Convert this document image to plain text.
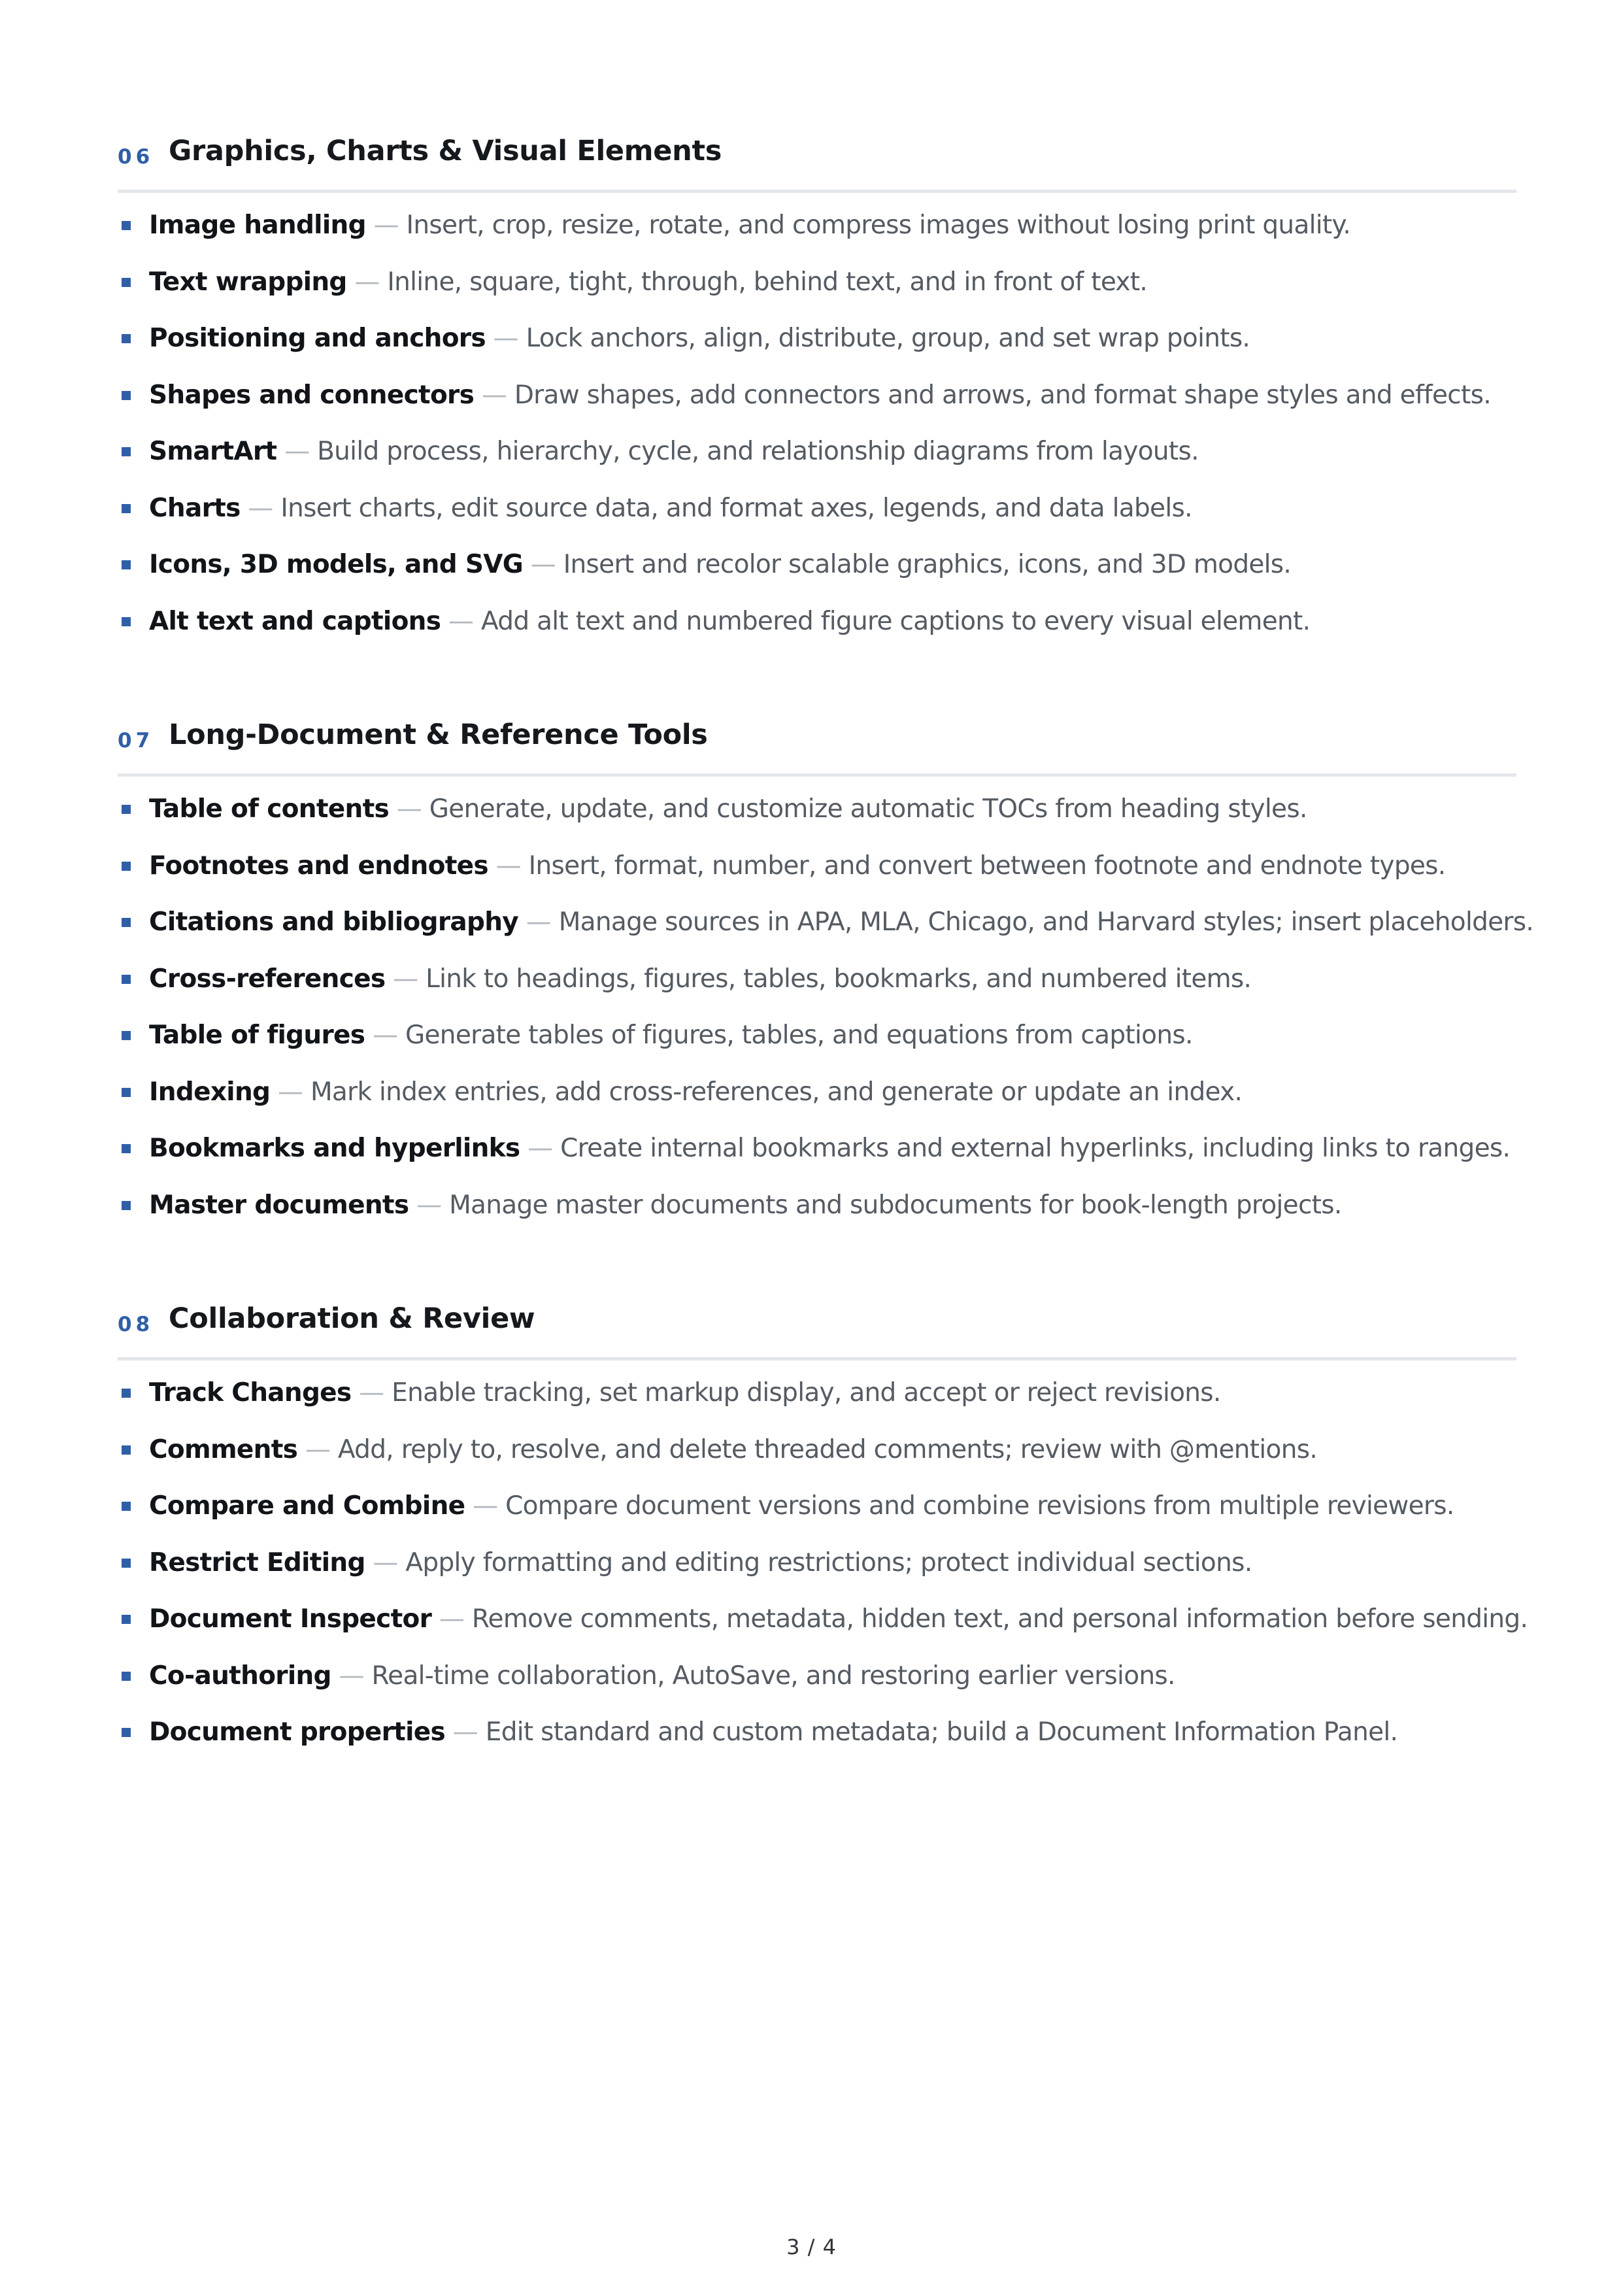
06 Graphics, Charts & Visual Elements
Image handling — Insert, crop, resize, rotate, and compress images without losing print quality.
Text wrapping — Inline, square, tight, through, behind text, and in front of text.
Positioning and anchors — Lock anchors, align, distribute, group, and set wrap points.
Shapes and connectors — Draw shapes, add connectors and arrows, and format shape styles and effects.
SmartArt — Build process, hierarchy, cycle, and relationship diagrams from layouts.
Charts — Insert charts, edit source data, and format axes, legends, and data labels.
Icons, 3D models, and SVG — Insert and recolor scalable graphics, icons, and 3D models.
Alt text and captions — Add alt text and numbered figure captions to every visual element.
07 Long-Document & Reference Tools
Table of contents — Generate, update, and customize automatic TOCs from heading styles.
Footnotes and endnotes — Insert, format, number, and convert between footnote and endnote types.
Citations and bibliography — Manage sources in APA, MLA, Chicago, and Harvard styles; insert placeholders.
Cross-references — Link to headings, figures, tables, bookmarks, and numbered items.
Table of figures — Generate tables of figures, tables, and equations from captions.
Indexing — Mark index entries, add cross-references, and generate or update an index.
Bookmarks and hyperlinks — Create internal bookmarks and external hyperlinks, including links to ranges.
Master documents — Manage master documents and subdocuments for book-length projects.
08 Collaboration & Review
Track Changes — Enable tracking, set markup display, and accept or reject revisions.
Comments — Add, reply to, resolve, and delete threaded comments; review with @mentions.
Compare and Combine — Compare document versions and combine revisions from multiple reviewers.
Restrict Editing — Apply formatting and editing restrictions; protect individual sections.
Document Inspector — Remove comments, metadata, hidden text, and personal information before sending.
Co-authoring — Real-time collaboration, AutoSave, and restoring earlier versions.
Document properties — Edit standard and custom metadata; build a Document Information Panel.
3 / 4
